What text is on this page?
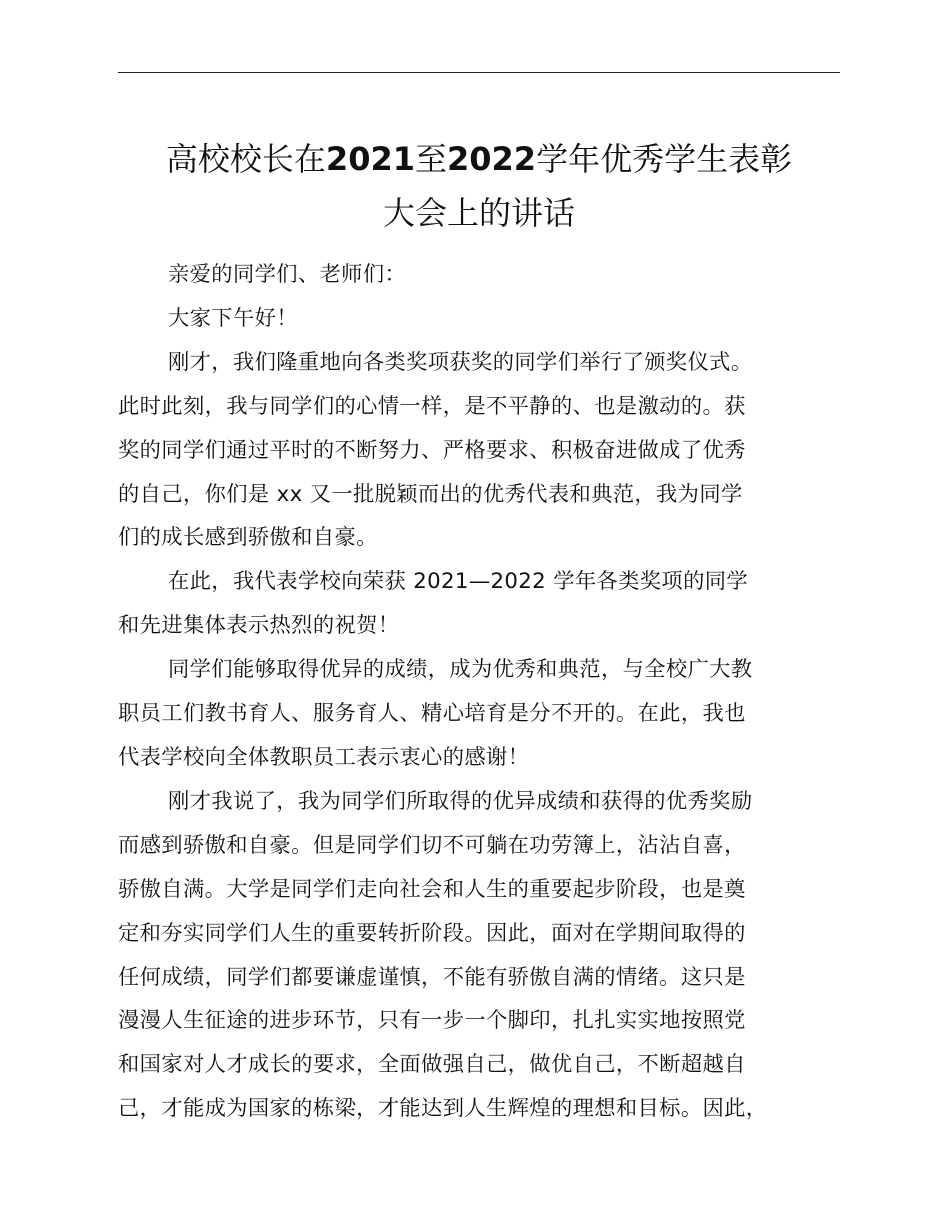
高校校长在2021至2022学年优秀学生表彰
大会上的讲话

亲爱的同学们、老师们：

大家下午好！

刚才，我们隆重地向各类奖项获奖的同学们举行了颁奖仪式。
此时此刻，我与同学们的心情一样，是不平静的、也是激动的。获
奖的同学们通过平时的不断努力、严格要求、积极奋进做成了优秀
的自己，你们是 xx 又一批脱颖而出的优秀代表和典范，我为同学
们的成长感到骄傲和自豪。

在此，我代表学校向荣获 2021—2022 学年各类奖项的同学
和先进集体表示热烈的祝贺！

同学们能够取得优异的成绩，成为优秀和典范，与全校广大教
职员工们教书育人、服务育人、精心培育是分不开的。在此，我也
代表学校向全体教职员工表示衷心的感谢！

刚才我说了，我为同学们所取得的优异成绩和获得的优秀奖励
而感到骄傲和自豪。但是同学们切不可躺在功劳簿上，沾沾自喜，
骄傲自满。大学是同学们走向社会和人生的重要起步阶段，也是奠
定和夯实同学们人生的重要转折阶段。因此，面对在学期间取得的
任何成绩，同学们都要谦虚谨慎，不能有骄傲自满的情绪。这只是
漫漫人生征途的进步环节，只有一步一个脚印，扎扎实实地按照党
和国家对人才成长的要求，全面做强自己，做优自己，不断超越自
己，才能成为国家的栋梁，才能达到人生辉煌的理想和目标。因此，
